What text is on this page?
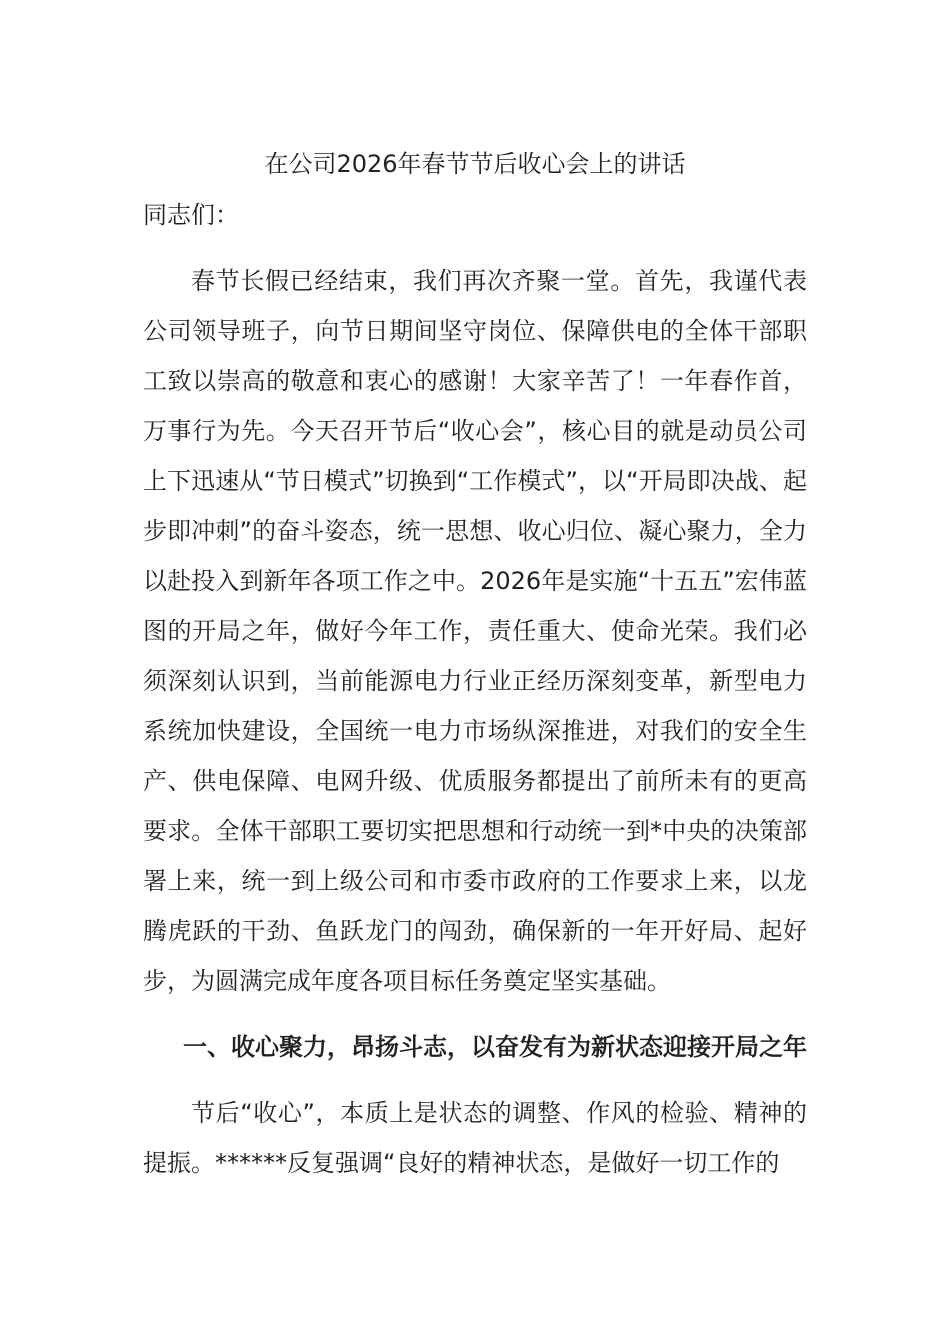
在公司2026年春节节后收心会上的讲话
同志们：
春节长假已经结束，我们再次齐聚一堂。首先，我谨代表公司领导班子，向节日期间坚守岗位、保障供电的全体干部职工致以崇高的敬意和衷心的感谢！大家辛苦了！一年春作首，万事行为先。今天召开节后“收心会”，核心目的就是动员公司上下迅速从“节日模式”切换到“工作模式”，以“开局即决战、起步即冲刺”的奋斗姿态，统一思想、收心归位、凝心聚力，全力以赴投入到新年各项工作之中。2026年是实施“十五五”宏伟蓝图的开局之年，做好今年工作，责任重大、使命光荣。我们必须深刻认识到，当前能源电力行业正经历深刻变革，新型电力系统加快建设，全国统一电力市场纵深推进，对我们的安全生产、供电保障、电网升级、优质服务都提出了前所未有的更高要求。全体干部职工要切实把思想和行动统一到*中央的决策部署上来，统一到上级公司和市委市政府的工作要求上来，以龙腾虎跃的干劲、鱼跃龙门的闯劲，确保新的一年开好局、起好步，为圆满完成年度各项目标任务奠定坚实基础。
一、收心聚力，昂扬斗志，以奋发有为新状态迎接开局之年
节后“收心”，本质上是状态的调整、作风的检验、精神的提振。******反复强调“良好的精神状态，是做好一切工作的
